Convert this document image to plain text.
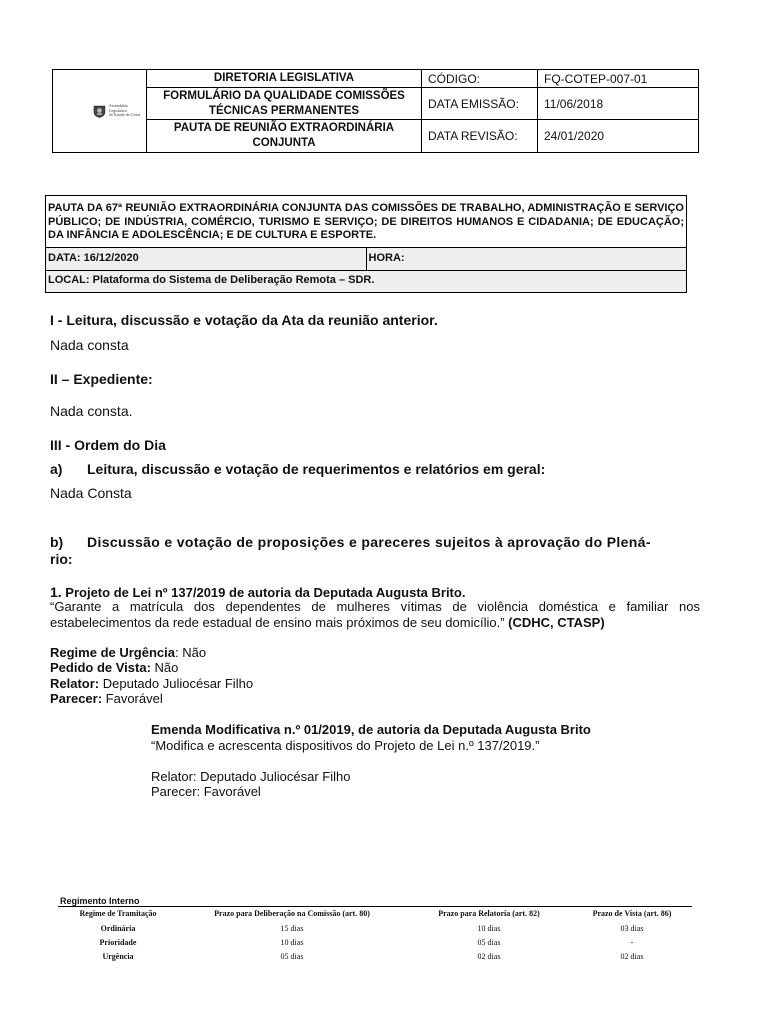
Assembleia Legislativa
do Estado do Ceará	DIRETORIA LEGISLATIVA	CÓDIGO:	FQ-COTEP-007-01
	FORMULÁRIO DA QUALIDADE COMISSÕES TÉCNICAS PERMANENTES	DATA EMISSÃO:	11/06/2018
	PAUTA DE REUNIÃO EXTRAORDINÁRIA CONJUNTA	DATA REVISÃO:	24/01/2020
PAUTA DA 67ª REUNIÃO EXTRAORDINÁRIA CONJUNTA DAS COMISSÕES DE TRABALHO, ADMINISTRAÇÃO E SERVIÇO PÚBLICO; DE INDÚSTRIA, COMÉRCIO, TURISMO E SERVIÇO; DE DIREITOS HUMANOS E CIDADANIA; DE EDUCAÇÃO; DA INFÂNCIA E ADOLESCÊNCIA; E DE CULTURA E ESPORTE.
DATA: 16/12/2020	HORA:
LOCAL: Plataforma do Sistema de Deliberação Remota – SDR.
I - Leitura, discussão e votação da Ata da reunião anterior.
Nada consta
II – Expediente:
Nada consta.
III - Ordem do Dia
a) Leitura, discussão e votação de requerimentos e relatórios em geral:
Nada Consta
b) Discussão e votação de proposições e pareceres sujeitos à aprovação do Plená-
rio:
1. Projeto de Lei nº 137/2019 de autoria da Deputada Augusta Brito.
“Garante a matrícula dos dependentes de mulheres vítimas de violência doméstica e familiar nos estabelecimentos da rede estadual de ensino mais próximos de seu domicílio.” (CDHC, CTASP)
Regime de Urgência: Não
Pedido de Vista: Não
Relator: Deputado Juliocésar Filho
Parecer: Favorável
Emenda Modificativa n.º 01/2019, de autoria da Deputada Augusta Brito
“Modifica e acrescenta dispositivos do Projeto de Lei n.º 137/2019.”
Relator: Deputado Juliocésar Filho
Parecer: Favorável
Regimento Interno
Regime de Tramitação	Prazo para Deliberação na Comissão (art. 80)	Prazo para Relatoria (art. 82)	Prazo de Vista (art. 86)
Ordinária	15 dias	10 dias	03 dias
Prioridade	10 dias	05 dias	-
Urgência	05 dias	02 dias	02 dias
